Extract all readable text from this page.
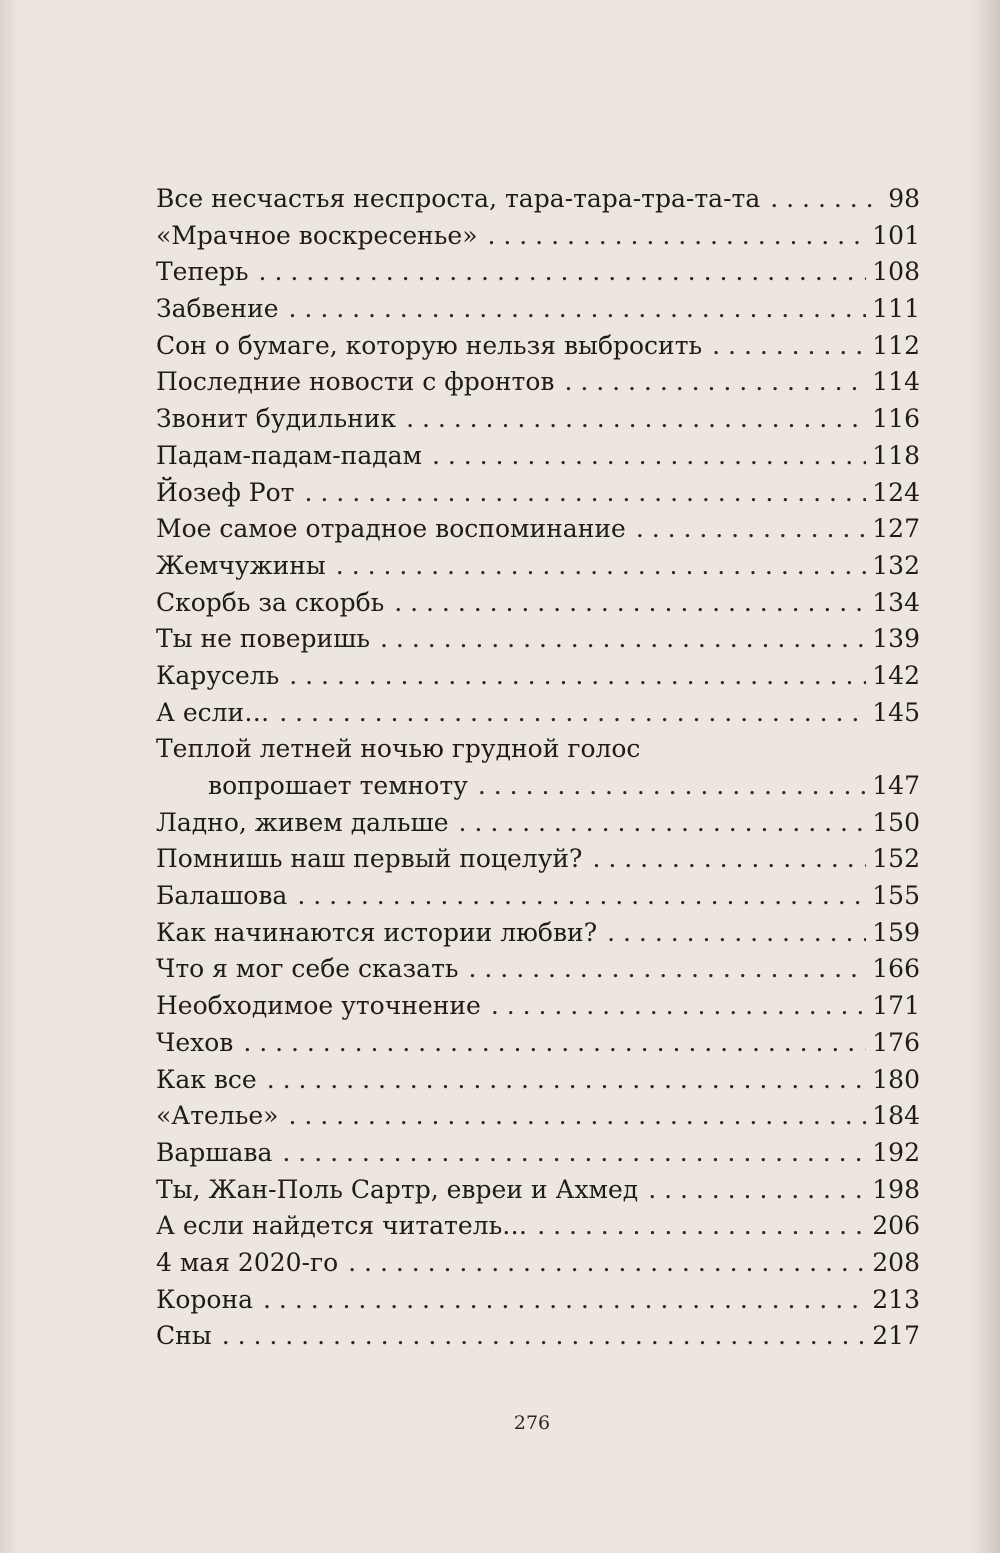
Все несчастья неспроста, тара-тара-тра-та-та . . .	98
«Мрачное воскресенье» . . .	101
Теперь . . .	108
Забвение . . .	111
Сон о бумаге, которую нельзя выбросить . . .	112
Последние новости с фронтов . . .	114
Звонит будильник . . .	116
Падам-падам-падам . . .	118
Йозеф Рот . . .	124
Мое самое отрадное воспоминание . . .	127
Жемчужины . . .	132
Скорбь за скорбь . . .	134
Ты не поверишь . . .	139
Карусель . . .	142
А если… . . .	145
Теплой летней ночью грудной голос
вопрошает темноту . . .	147
Ладно, живем дальше . . .	150
Помнишь наш первый поцелуй? . . .	152
Балашова . . .	155
Как начинаются истории любви? . . .	159
Что я мог себе сказать . . .	166
Необходимое уточнение . . .	171
Чехов . . .	176
Как все . . .	180
«Ателье» . . .	184
Варшава . . .	192
Ты, Жан-Поль Сартр, евреи и Ахмед . . .	198
А если найдется читатель… . . .	206
4 мая 2020-го . . .	208
Корона . . .	213
Сны . . .	217
276
